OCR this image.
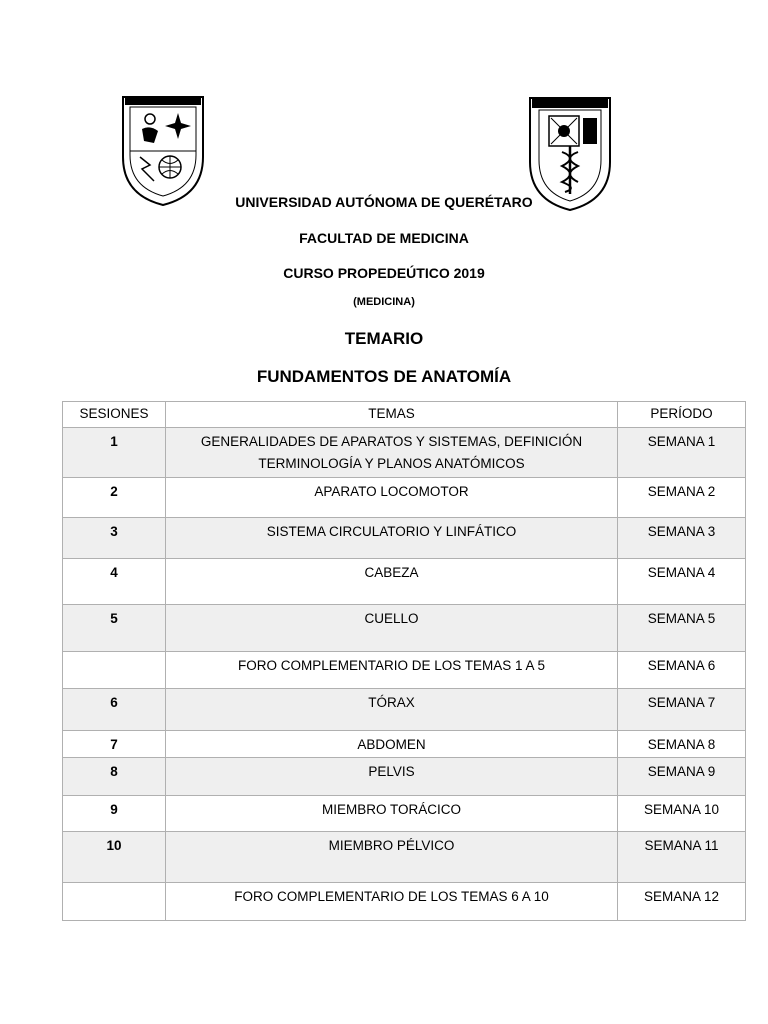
UNIVERSIDAD AUTÓNOMA DE QUERÉTARO
FACULTAD DE MEDICINA
CURSO PROPEDEÚTICO 2019
(MEDICINA)
TEMARIO
FUNDAMENTOS DE ANATOMÍA
SESIONES	TEMAS	PERÍODO
1	GENERALIDADES DE APARATOS Y SISTEMAS, DEFINICIÓN TERMINOLOGÍA Y PLANOS ANATÓMICOS	SEMANA 1
2	APARATO LOCOMOTOR	SEMANA 2
3	SISTEMA CIRCULATORIO Y LINFÁTICO	SEMANA 3
4	CABEZA	SEMANA 4
5	CUELLO	SEMANA 5
	FORO COMPLEMENTARIO DE LOS TEMAS 1 A 5	SEMANA 6
6	TÓRAX	SEMANA 7
7	ABDOMEN	SEMANA 8
8	PELVIS	SEMANA 9
9	MIEMBRO TORÁCICO	SEMANA 10
10	MIEMBRO PÉLVICO	SEMANA 11
	FORO COMPLEMENTARIO DE LOS TEMAS 6 A 10	SEMANA 12
